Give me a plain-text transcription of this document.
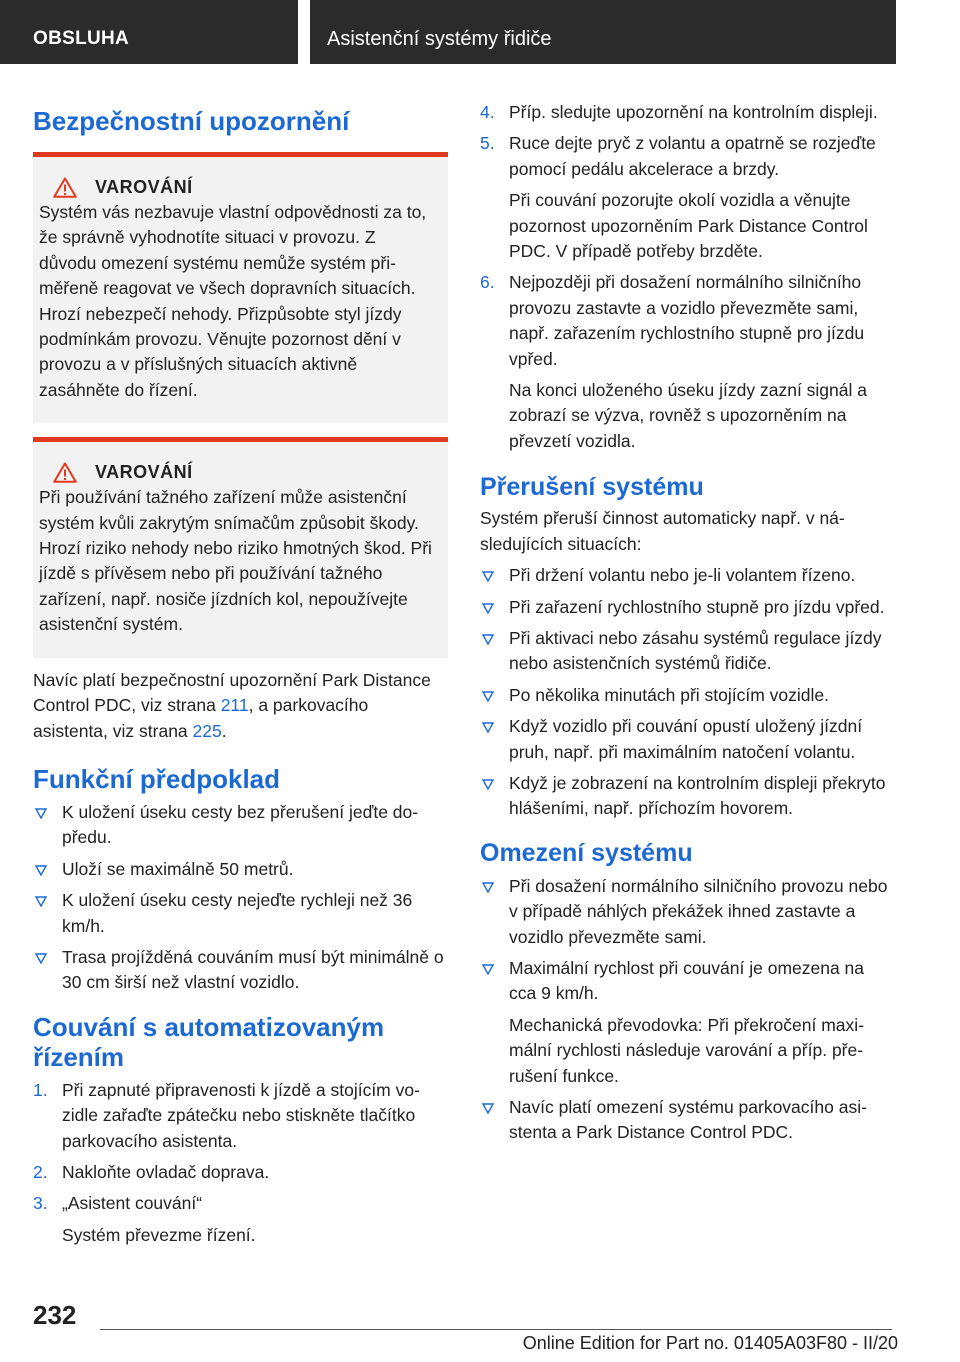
OBSLUHA	Asistenční systémy řidiče
Bezpečnostní upozornění
VAROVÁNÍ

Systém vás nezbavuje vlastní odpovědnosti za to, že správně vyhodnotíte situaci v provozu. Z důvodu omezení systému nemůže systém přiměřeně reagovat ve všech dopravních situacích. Hrozí nebezpečí nehody. Přizpůsobte styl jízdy podmínkám provozu. Věnujte pozornost dění v provozu a v příslušných situacích aktivně zasáhněte do řízení.

VAROVÁNÍ

Při používání tažného zařízení může asistenční systém kvůli zakrytým snímačům způsobit škody. Hrozí riziko nehody nebo riziko hmotných škod. Při jízdě s přívěsem nebo při používání tažného zařízení, např. nosiče jízdních kol, nepoužívejte asistenční systém.

Navíc platí bezpečnostní upozornění Park Distance Control PDC, viz strana 211, a parkovacího asistenta, viz strana 225.

Funkční předpoklad
K uložení úseku cesty bez přerušení jeďte dopředu.
Uloží se maximálně 50 metrů.
K uložení úseku cesty nejeďte rychleji než 36 km/h.
Trasa projížděná couváním musí být minimálně o 30 cm širší než vlastní vozidlo.
Couvání s automatizovaným řízením
1. Při zapnuté připravenosti k jízdě a stojícím vozidle zařaďte zpátečku nebo stiskněte tlačítko parkovacího asistenta.
2. Nakloňte ovladač doprava.
3. „Asistent couvání“
Systém převezme řízení.
4. Příp. sledujte upozornění na kontrolním displeji.
5. Ruce dejte pryč z volantu a opatrně se rozjeďte pomocí pedálu akcelerace a brzdy.
Při couvání pozorujte okolí vozidla a věnujte pozornost upozorněním Park Distance Control PDC. V případě potřeby brzděte.
6. Nejpozději při dosažení normálního silničního provozu zastavte a vozidlo převezměte sami, např. zařazením rychlostního stupně pro jízdu vpřed.
Na konci uloženého úseku jízdy zazní signál a zobrazí se výzva, rovněž s upozorněním na převzetí vozidla.
Přerušení systému

Systém přeruší činnost automaticky např. v následujících situacích:

Při držení volantu nebo je-li volantem řízeno.
Při zařazení rychlostního stupně pro jízdu vpřed.
Při aktivaci nebo zásahu systémů regulace jízdy nebo asistenčních systémů řidiče.
Po několika minutách při stojícím vozidle.
Když vozidlo při couvání opustí uložený jízdní pruh, např. při maximálním natočení volantu.
Když je zobrazení na kontrolním displeji překryto hlášeními, např. příchozím hovorem.
Omezení systému
Při dosažení normálního silničního provozu nebo v případě náhlých překážek ihned zastavte a vozidlo převezměte sami.
Maximální rychlost při couvání je omezena na cca 9 km/h.
Mechanická převodovka: Při překročení maximální rychlosti následuje varování a příp. přerušení funkce.
Navíc platí omezení systému parkovacího asistenta a Park Distance Control PDC.
232
Online Edition for Part no. 01405A03F80 - II/20
